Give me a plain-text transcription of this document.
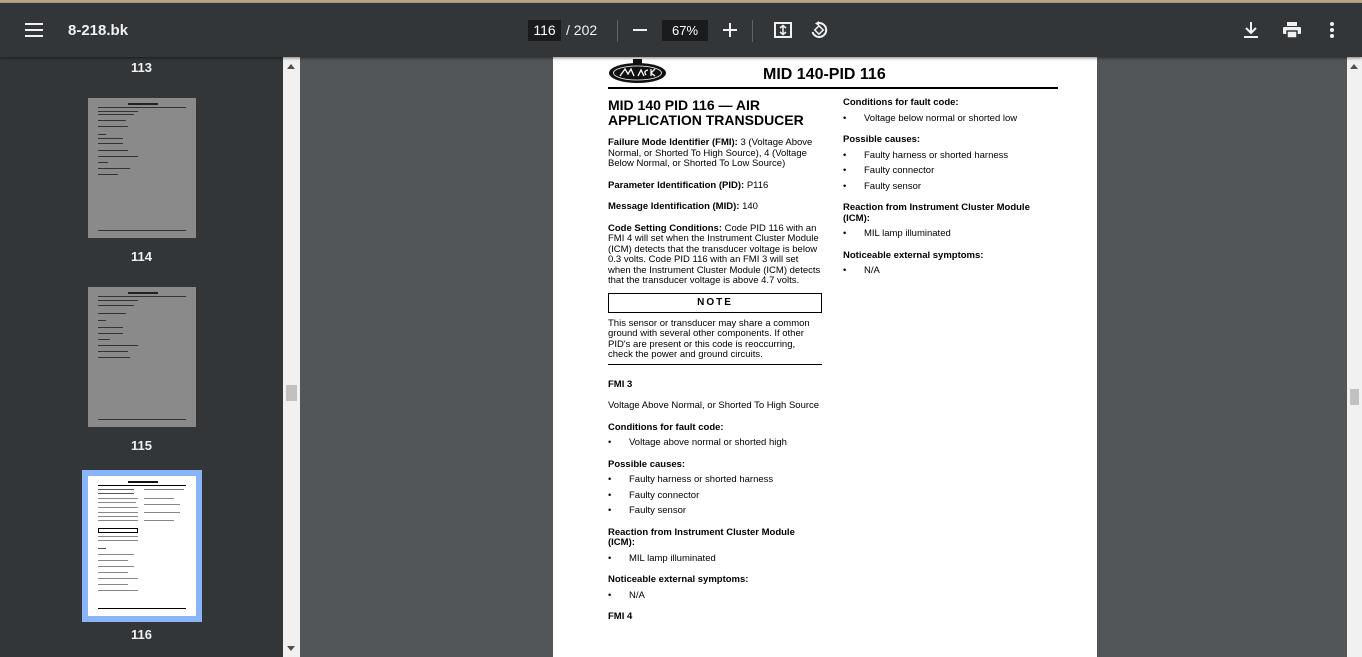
8-218.bk	116 / 202	67%
113
114
115
116
MID 140-PID 116
MID 140 PID 116 — AIR APPLICATION TRANSDUCER
Failure Mode Identifier (FMI): 3 (Voltage Above Normal, or Shorted To High Source), 4 (Voltage Below Normal, or Shorted To Low Source)
Parameter Identification (PID): P116
Message Identification (MID): 140
Code Setting Conditions: Code PID 116 with an FMI 4 will set when the Instrument Cluster Module (ICM) detects that the transducer voltage is below 0.3 volts. Code PID 116 with an FMI 3 will set when the Instrument Cluster Module (ICM) detects that the transducer voltage is above 4.7 volts.
NOTE
This sensor or transducer may share a common ground with several other components. If other PID's are present or this code is reoccurring, check the power and ground circuits.
FMI 3
Voltage Above Normal, or Shorted To High Source
Conditions for fault code:
• Voltage above normal or shorted high
Possible causes:
• Faulty harness or shorted harness
• Faulty connector
• Faulty sensor
Reaction from Instrument Cluster Module (ICM):
• MIL lamp illuminated
Noticeable external symptoms:
• N/A
FMI 4
Conditions for fault code:
• Voltage below normal or shorted low
Possible causes:
• Faulty harness or shorted harness
• Faulty connector
• Faulty sensor
Reaction from Instrument Cluster Module (ICM):
• MIL lamp illuminated
Noticeable external symptoms:
• N/A
